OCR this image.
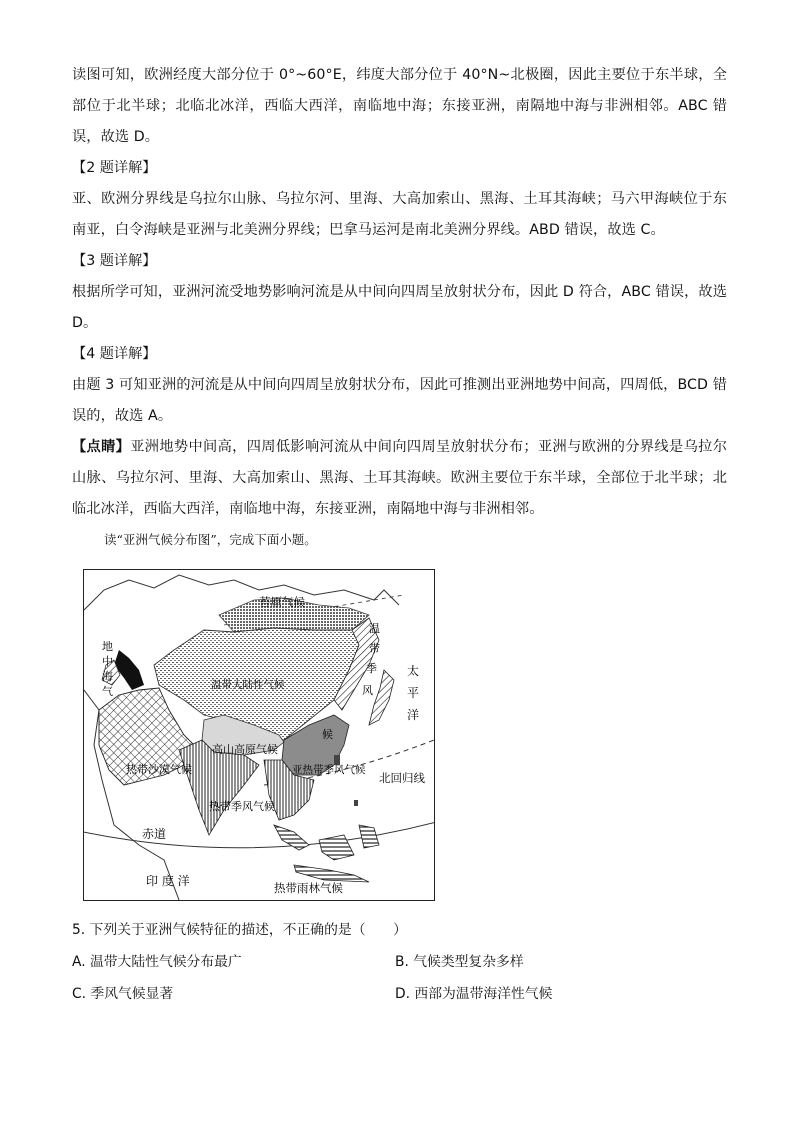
读图可知，欧洲经度大部分位于 0°~60°E，纬度大部分位于 40°N~北极圈，因此主要位于东半球，全部位于北半球；北临北冰洋，西临大西洋，南临地中海；东接亚洲，南隔地中海与非洲相邻。ABC 错误，故选 D。

【2 题详解】

亚、欧洲分界线是乌拉尔山脉、乌拉尔河、里海、大高加索山、黑海、土耳其海峡；马六甲海峡位于东南亚，白令海峡是亚洲与北美洲分界线；巴拿马运河是南北美洲分界线。ABD 错误，故选 C。

【3 题详解】

根据所学可知，亚洲河流受地势影响河流是从中间向四周呈放射状分布，因此 D 符合，ABC 错误，故选 D。

【4 题详解】

由题 3 可知亚洲的河流是从中间向四周呈放射状分布，因此可推测出亚洲地势中间高，四周低，BCD 错误的，故选 A。

【点睛】亚洲地势中间高，四周低影响河流从中间向四周呈放射状分布；亚洲与欧洲的分界线是乌拉尔山脉、乌拉尔河、里海、大高加索山、黑海、土耳其海峡。欧洲主要位于东半球，全部位于北半球；北临北冰洋，西临大西洋，南临地中海，东接亚洲，南隔地中海与非洲相邻。

读“亚洲气候分布图”，完成下面小题。

苔原气候
温带大陆性气候
高山高原气候
亚热带季风气候
热带沙漠气候
热带季风气候
热带雨林气候
温
带
季
风
候
地
中
海
气
太
平
洋
北回归线
赤道
印 度 洋
5. 下列关于亚洲气候特征的描述，不正确的是（　　）
A. 温带大陆性气候分布最广	B. 气候类型复杂多样
C. 季风气候显著	D. 西部为温带海洋性气候
